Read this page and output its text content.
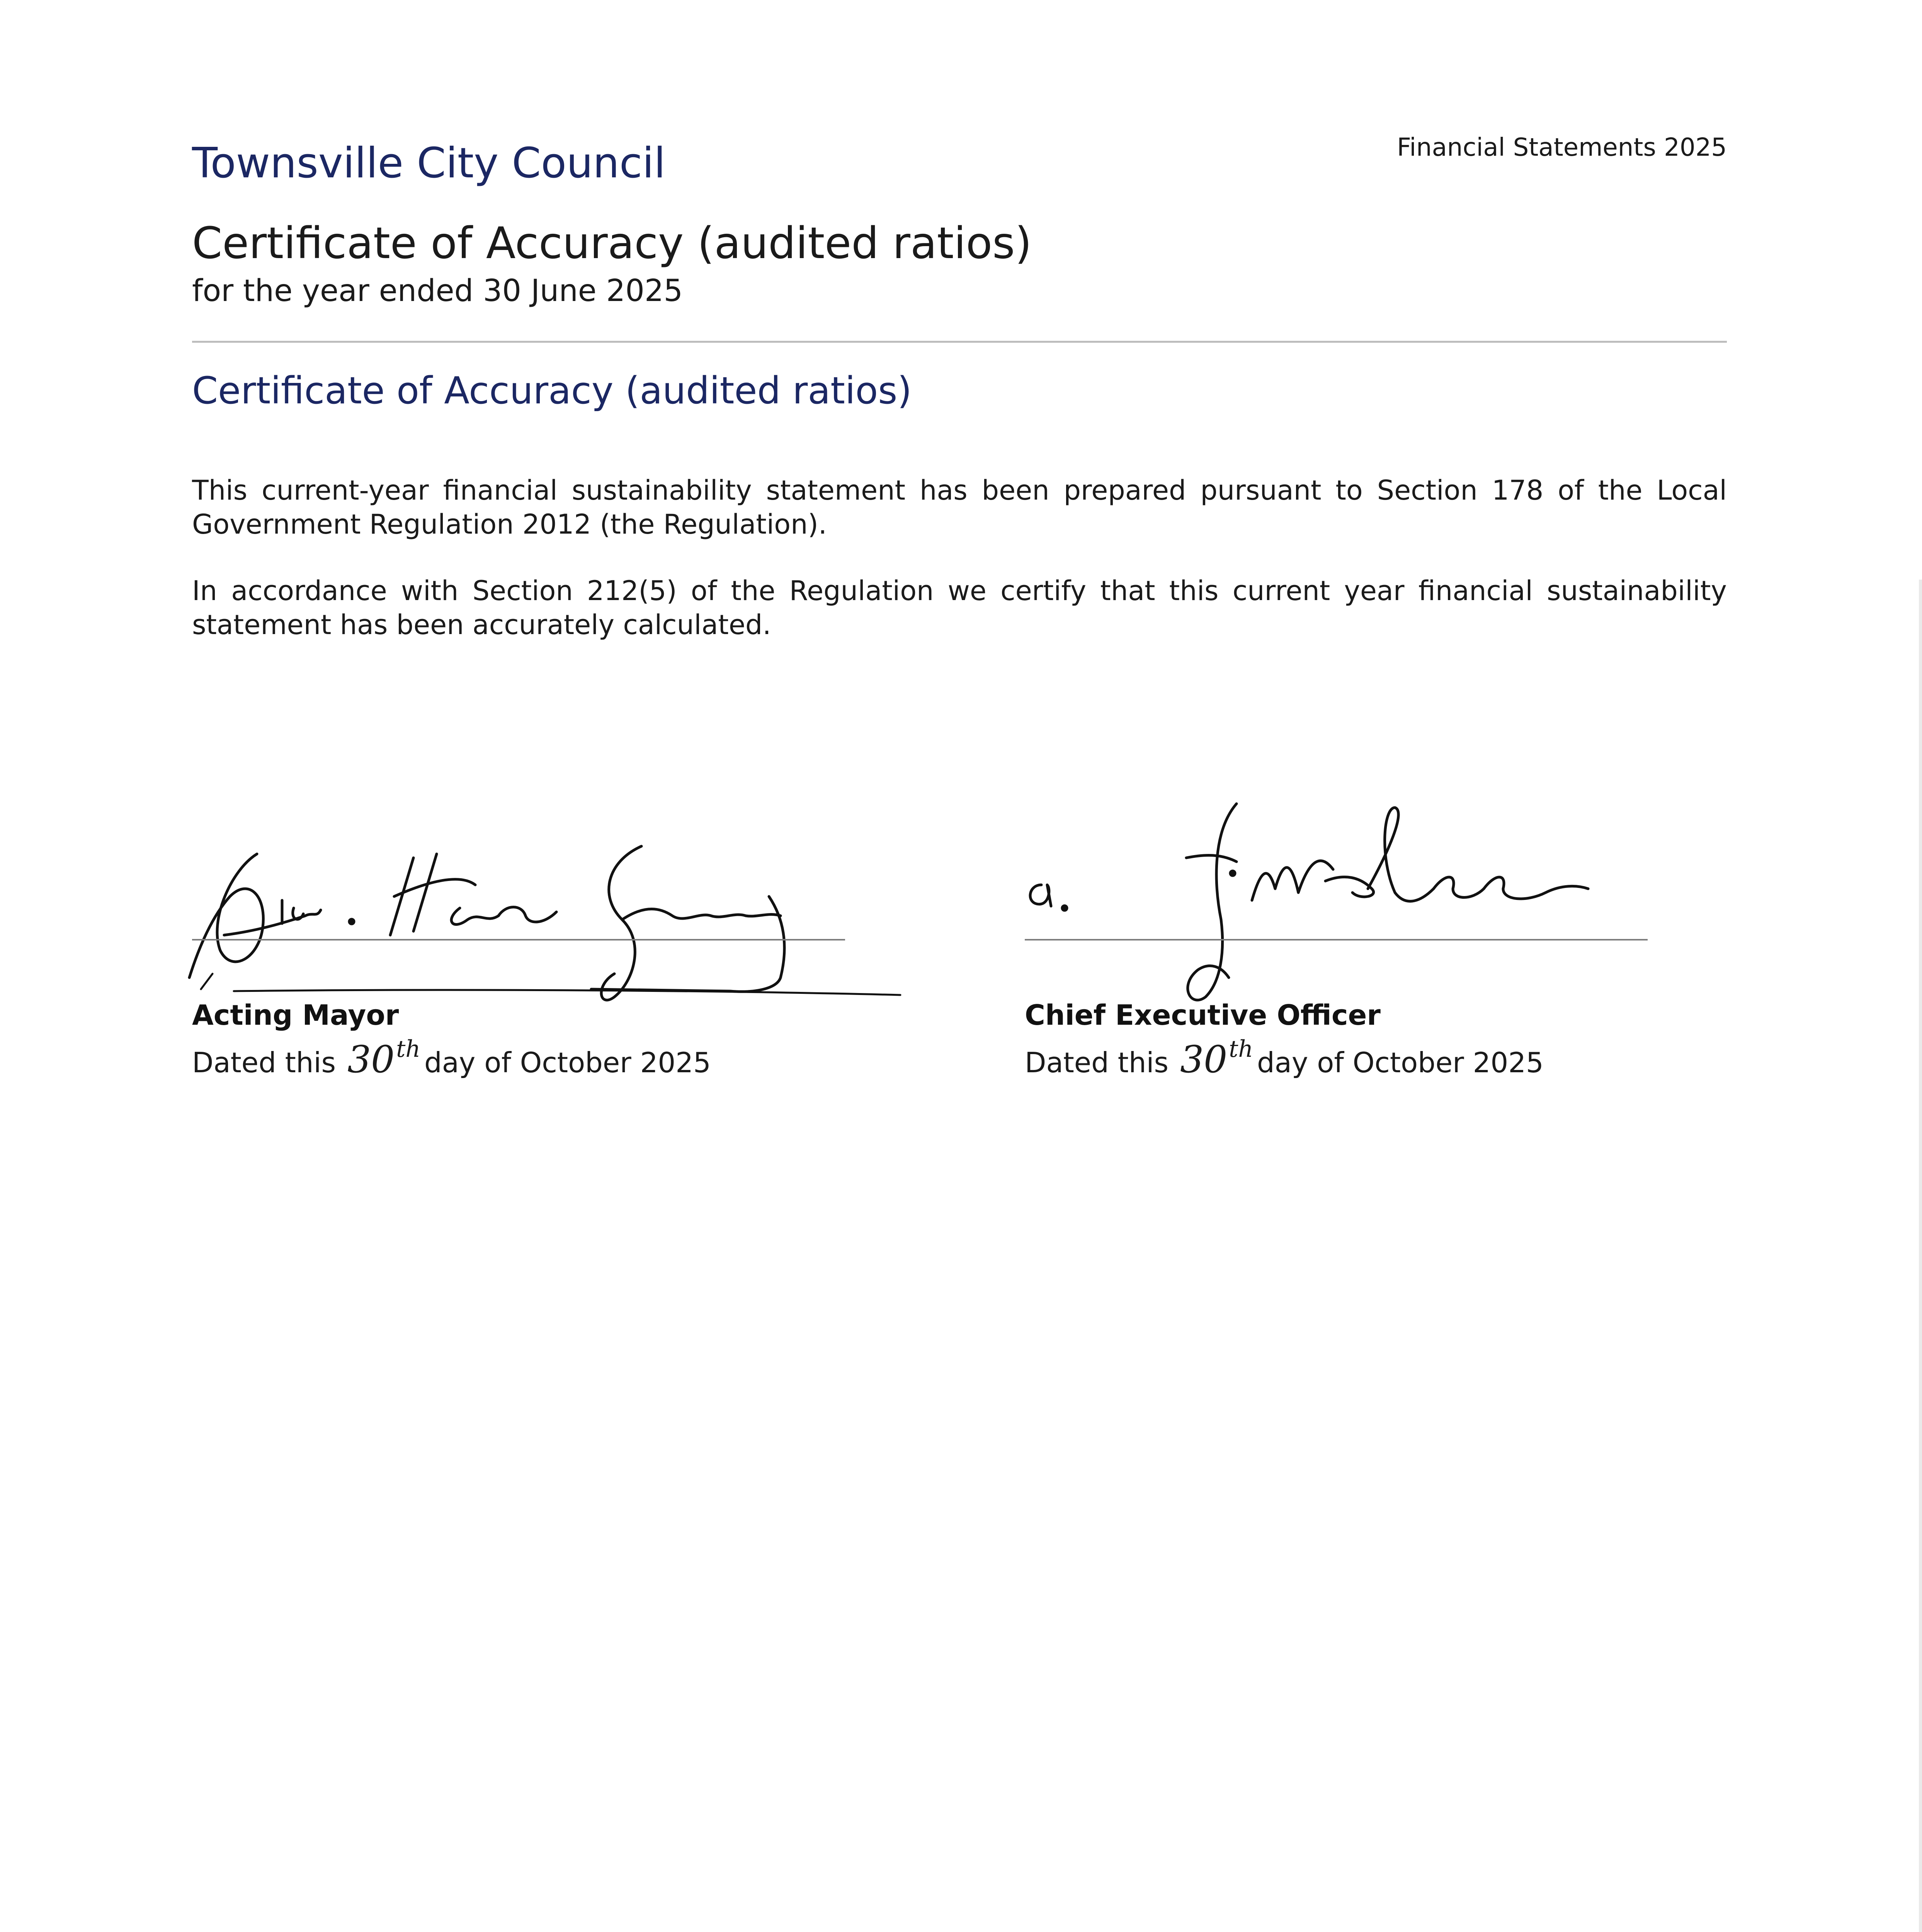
Townsville City Council	Financial Statements 2025
Certificate of Accuracy (audited ratios)
for the year ended 30 June 2025
Certificate of Accuracy (audited ratios)

This current-year financial sustainability statement has been prepared pursuant to Section 178 of the Local Government Regulation 2012 (the Regulation).

In accordance with Section 212(5) of the Regulation we certify that this current year financial sustainability statement has been accurately calculated.

Acting Mayor
Dated this 30th day of October 2025
Chief Executive Officer
Dated this 30th day of October 2025
